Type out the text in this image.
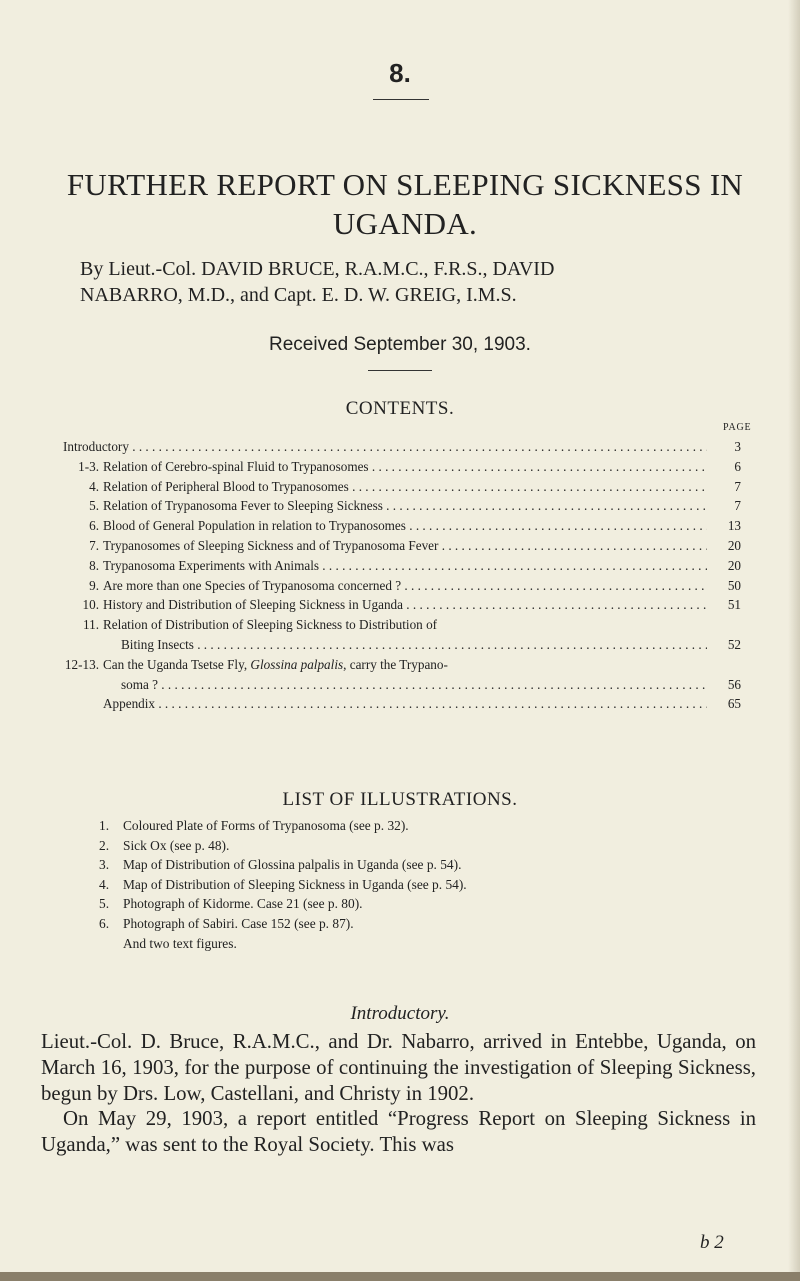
8.
FURTHER REPORT ON SLEEPING SICKNESS IN
UGANDA.
By Lieut.-Col. DAVID BRUCE, R.A.M.C., F.R.S., DAVID
NABARRO, M.D., and Capt. E. D. W. GREIG, I.M.S.
Received September 30, 1903.
CONTENTS.
PAGE
Introductory . . .	3
1-3. Relation of Cerebro-spinal Fluid to Trypanosomes . . .	6
4. Relation of Peripheral Blood to Trypanosomes . . .	7
5. Relation of Trypanosoma Fever to Sleeping Sickness . . .	7
6. Blood of General Population in relation to Trypanosomes . . .	13
7. Trypanosomes of Sleeping Sickness and of Trypanosoma Fever . . .	20
8. Trypanosoma Experiments with Animals . . .	20
9. Are more than one Species of Trypanosoma concerned ? . . .	50
10. History and Distribution of Sleeping Sickness in Uganda . . .	51
11. Relation of Distribution of Sleeping Sickness to Distribution of
Biting Insects . . .	52
12-13. Can the Uganda Tsetse Fly, Glossina palpalis, carry the Trypano-
soma ? . . .	56
Appendix . . .	65
LIST OF ILLUSTRATIONS.
1. Coloured Plate of Forms of Trypanosoma (see p. 32).
2. Sick Ox (see p. 48).
3. Map of Distribution of Glossina palpalis in Uganda (see p. 54).
4. Map of Distribution of Sleeping Sickness in Uganda (see p. 54).
5. Photograph of Kidorme. Case 21 (see p. 80).
6. Photograph of Sabiri. Case 152 (see p. 87).
And two text figures.
Introductory.

Lieut.-Col. D. Bruce, R.A.M.C., and Dr. Nabarro, arrived in Entebbe, Uganda, on March 16, 1903, for the purpose of continuing the investigation of Sleeping Sickness, begun by Drs. Low, Castellani, and Christy in 1902.

On May 29, 1903, a report entitled “Progress Report on Sleeping Sickness in Uganda,” was sent to the Royal Society. This was

b 2
